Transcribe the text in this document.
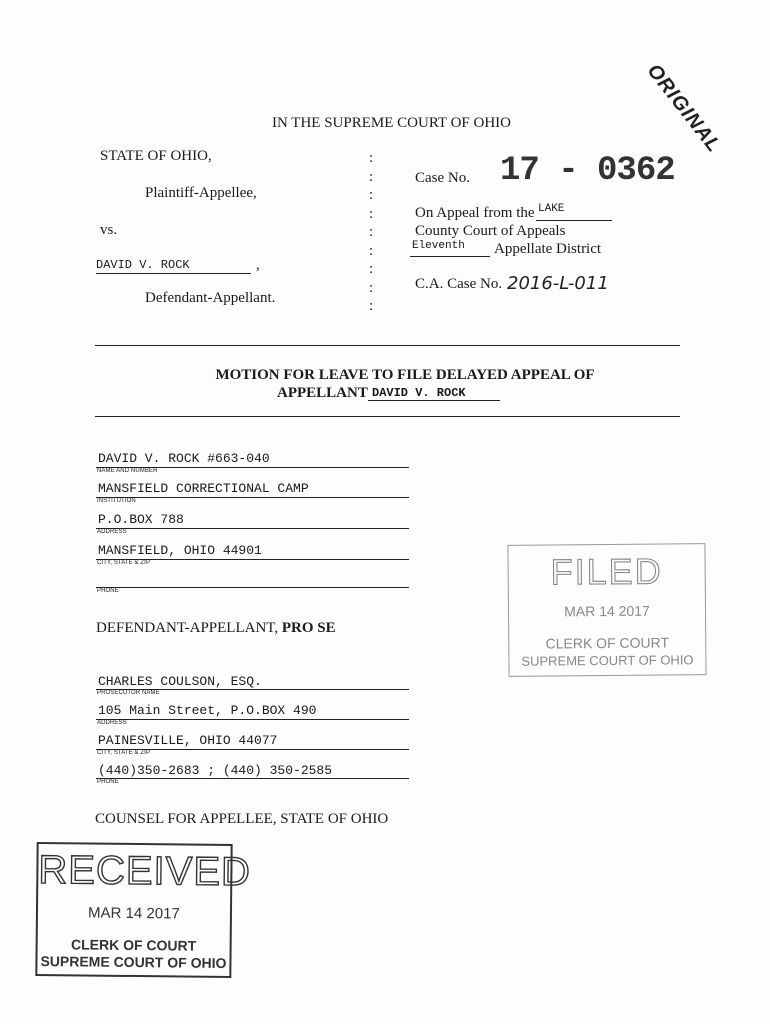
ORIGINAL
IN THE SUPREME COURT OF OHIO
STATE OF OHIO,
Plaintiff-Appellee,
vs.
DAVID V. ROCK	,
Defendant-Appellant.
:
:
:
:
:
:
:
:
:
Case No. 17 - 0362
On Appeal from the LAKE
County Court of Appeals
Eleventh Appellate District
C.A. Case No. 2016-L-011
MOTION FOR LEAVE TO FILE DELAYED APPEAL OF
APPELLANT DAVID V. ROCK
DAVID V. ROCK #663-040
NAME AND NUMBER
MANSFIELD CORRECTIONAL CAMP
INSTITUTION
P.O.BOX 788
ADDRESS
MANSFIELD, OHIO 44901
CITY, STATE & ZIP
PHONE
DEFENDANT-APPELLANT, PRO SE
FILED
MAR 14 2017
CLERK OF COURT
SUPREME COURT OF OHIO
CHARLES COULSON, ESQ.
PROSECUTOR NAME
105 Main Street, P.O.BOX 490
ADDRESS
PAINESVILLE, OHIO 44077
CITY, STATE & ZIP
(440)350-2683 ; (440) 350-2585
PHONE
COUNSEL FOR APPELLEE, STATE OF OHIO
RECEIVED
MAR 14 2017
CLERK OF COURT
SUPREME COURT OF OHIO
